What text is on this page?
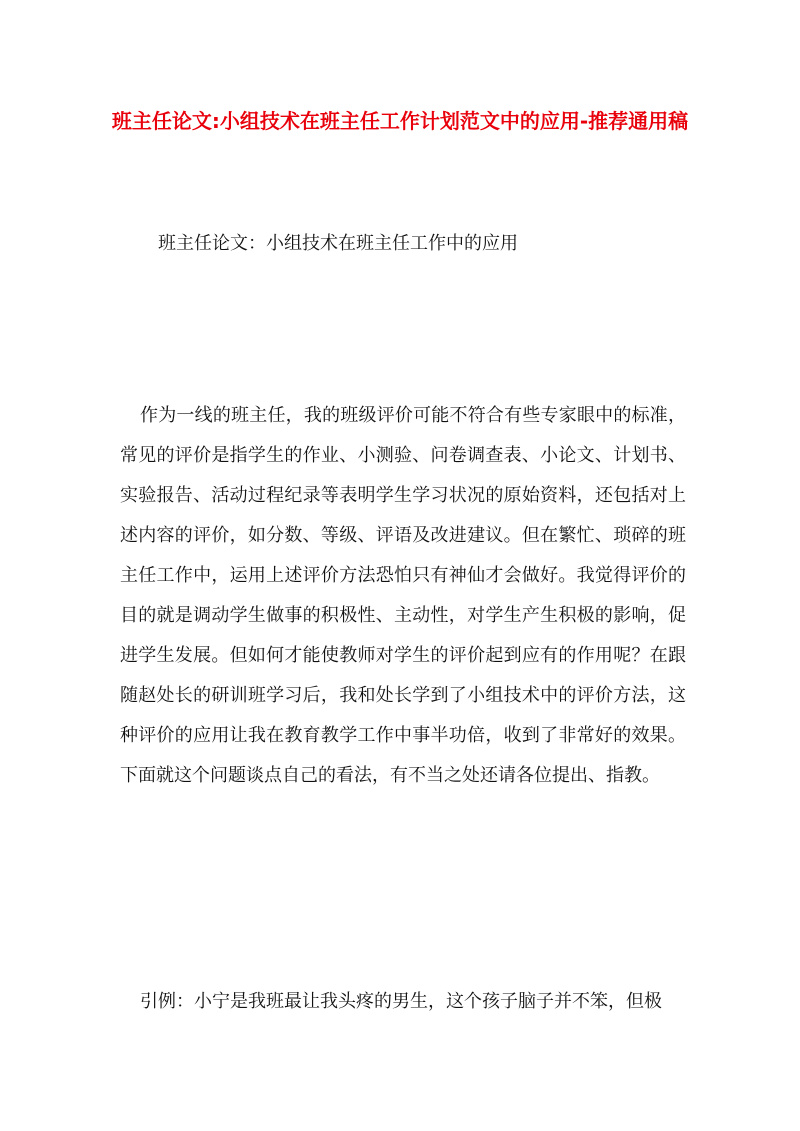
班主任论文:小组技术在班主任工作计划范文中的应用-推荐通用稿

班主任论文：小组技术在班主任工作中的应用

作为一线的班主任，我的班级评价可能不符合有些专家眼中的标准，常见的评价是指学生的作业、小测验、问卷调查表、小论文、计划书、实验报告、活动过程纪录等表明学生学习状况的原始资料，还包括对上述内容的评价，如分数、等级、评语及改进建议。但在繁忙、琐碎的班主任工作中，运用上述评价方法恐怕只有神仙才会做好。我觉得评价的目的就是调动学生做事的积极性、主动性，对学生产生积极的影响，促进学生发展。但如何才能使教师对学生的评价起到应有的作用呢？在跟随赵处长的研训班学习后，我和处长学到了小组技术中的评价方法，这种评价的应用让我在教育教学工作中事半功倍，收到了非常好的效果。下面就这个问题谈点自己的看法，有不当之处还请各位提出、指教。

引例：小宁是我班最让我头疼的男生，这个孩子脑子并不笨，但极
